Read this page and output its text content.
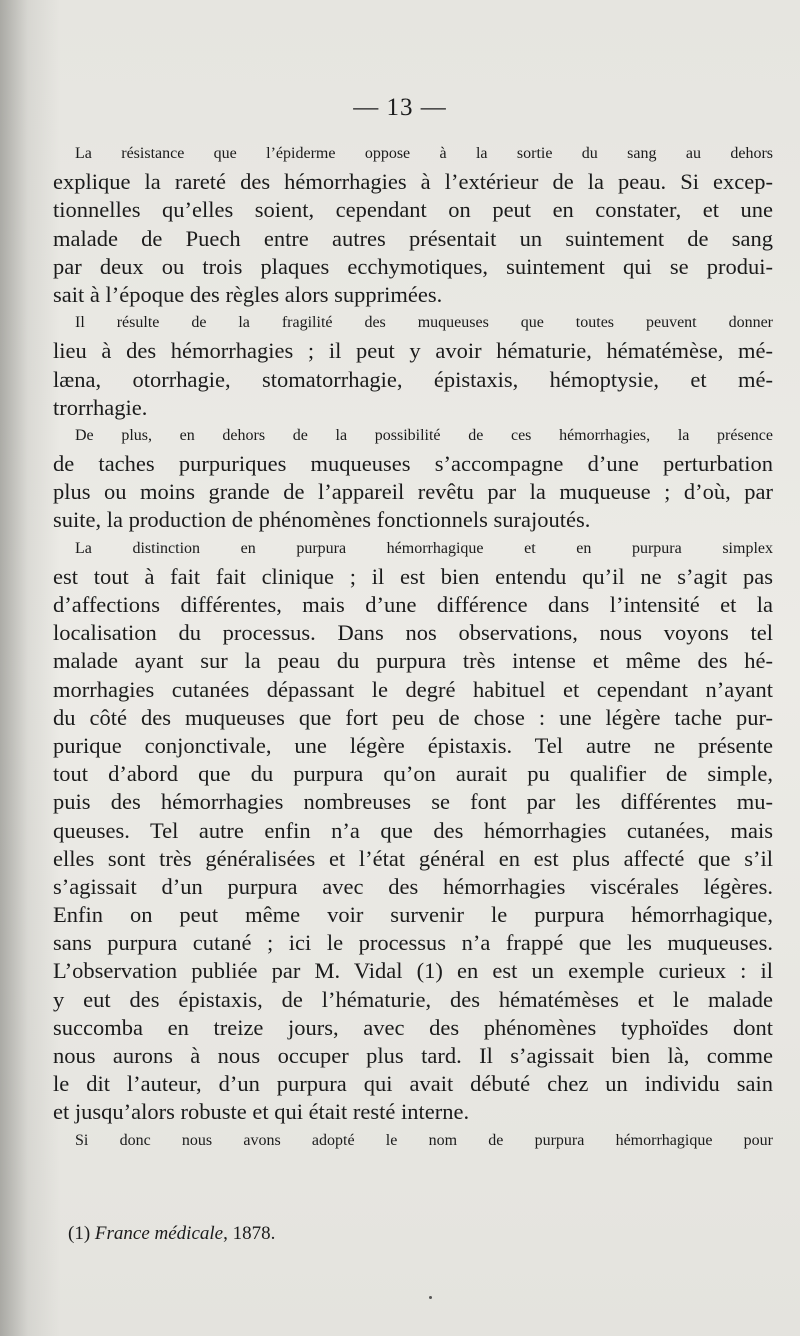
— 13 —
La résistance que l’épiderme oppose à la sortie du sang au dehors
explique la rareté des hémorrhagies à l’extérieur de la peau. Si excep-
tionnelles qu’elles soient, cependant on peut en constater, et une
malade de Puech entre autres présentait un suintement de sang
par deux ou trois plaques ecchymotiques, suintement qui se produi-
sait à l’époque des règles alors supprimées.
Il résulte de la fragilité des muqueuses que toutes peuvent donner
lieu à des hémorrhagies ; il peut y avoir hématurie, hématémèse, mé-
læna, otorrhagie, stomatorrhagie, épistaxis, hémoptysie, et mé-
trorrhagie.
De plus, en dehors de la possibilité de ces hémorrhagies, la présence
de taches purpuriques muqueuses s’accompagne d’une perturbation
plus ou moins grande de l’appareil revêtu par la muqueuse ; d’où, par
suite, la production de phénomènes fonctionnels surajoutés.
La distinction en purpura hémorrhagique et en purpura simplex
est tout à fait fait clinique ; il est bien entendu qu’il ne s’agit pas
d’affections différentes, mais d’une différence dans l’intensité et la
localisation du processus. Dans nos observations, nous voyons tel
malade ayant sur la peau du purpura très intense et même des hé-
morrhagies cutanées dépassant le degré habituel et cependant n’ayant
du côté des muqueuses que fort peu de chose : une légère tache pur-
purique conjonctivale, une légère épistaxis. Tel autre ne présente
tout d’abord que du purpura qu’on aurait pu qualifier de simple,
puis des hémorrhagies nombreuses se font par les différentes mu-
queuses. Tel autre enfin n’a que des hémorrhagies cutanées, mais
elles sont très généralisées et l’état général en est plus affecté que s’il
s’agissait d’un purpura avec des hémorrhagies viscérales légères.
Enfin on peut même voir survenir le purpura hémorrhagique,
sans purpura cutané ; ici le processus n’a frappé que les muqueuses.
L’observation publiée par M. Vidal (1) en est un exemple curieux : il
y eut des épistaxis, de l’hématurie, des hématémèses et le malade
succomba en treize jours, avec des phénomènes typhoïdes dont
nous aurons à nous occuper plus tard. Il s’agissait bien là, comme
le dit l’auteur, d’un purpura qui avait débuté chez un individu sain
et jusqu’alors robuste et qui était resté interne.
Si donc nous avons adopté le nom de purpura hémorrhagique pour
(1) France médicale, 1878.
